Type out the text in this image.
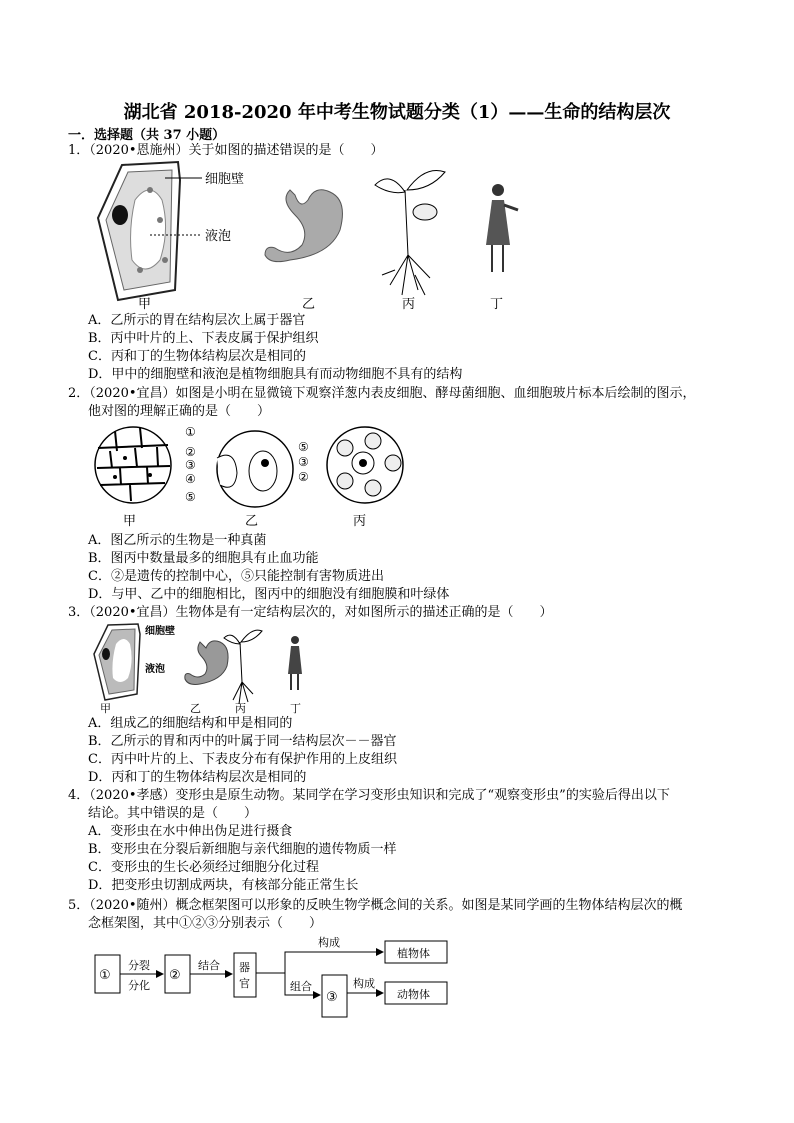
湖北省 2018-2020 年中考生物试题分类（1）——生命的结构层次
一．选择题（共 37 小题）
1．（2020•恩施州）关于如图的描述错误的是（　　）
细胞壁
液泡
甲	乙	丙	丁
A．乙所示的胃在结构层次上属于器官
B．丙中叶片的上、下表皮属于保护组织
C．丙和丁的生物体结构层次是相同的
D．甲中的细胞壁和液泡是植物细胞具有而动物细胞不具有的结构
2．（2020•宜昌）如图是小明在显微镜下观察洋葱内表皮细胞、酵母菌细胞、血细胞玻片标本后绘制的图示，
他对图的理解正确的是（　　）
①
②
③
④
⑤
⑤
③
②
甲	乙	丙
A．图乙所示的生物是一种真菌
B．图丙中数量最多的细胞具有止血功能
C．②是遗传的控制中心，⑤只能控制有害物质进出
D．与甲、乙中的细胞相比，图丙中的细胞没有细胞膜和叶绿体
3．（2020•宜昌）生物体是有一定结构层次的，对如图所示的描述正确的是（　　）
细胞壁
液泡
甲	乙	丙	丁
A．组成乙的细胞结构和甲是相同的
B．乙所示的胃和丙中的叶属于同一结构层次－－器官
C．丙中叶片的上、下表皮分布有保护作用的上皮组织
D．丙和丁的生物体结构层次是相同的
4．（2020•孝感）变形虫是原生动物。某同学在学习变形虫知识和完成了“观察变形虫”的实验后得出以下
结论。其中错误的是（　　）
A．变形虫在水中伸出伪足进行摄食
B．变形虫在分裂后新细胞与亲代细胞的遗传物质一样
C．变形虫的生长必须经过细胞分化过程
D．把变形虫切割成两块，有核部分能正常生长
5．（2020•随州）概念框架图可以形象的反映生物学概念间的关系。如图是某同学画的生物体结构层次的概
念框架图，其中①②③分别表示（　　）
①	②
③
分裂
分化
结合 器
官
构成
组合	构成
植物体
动物体
